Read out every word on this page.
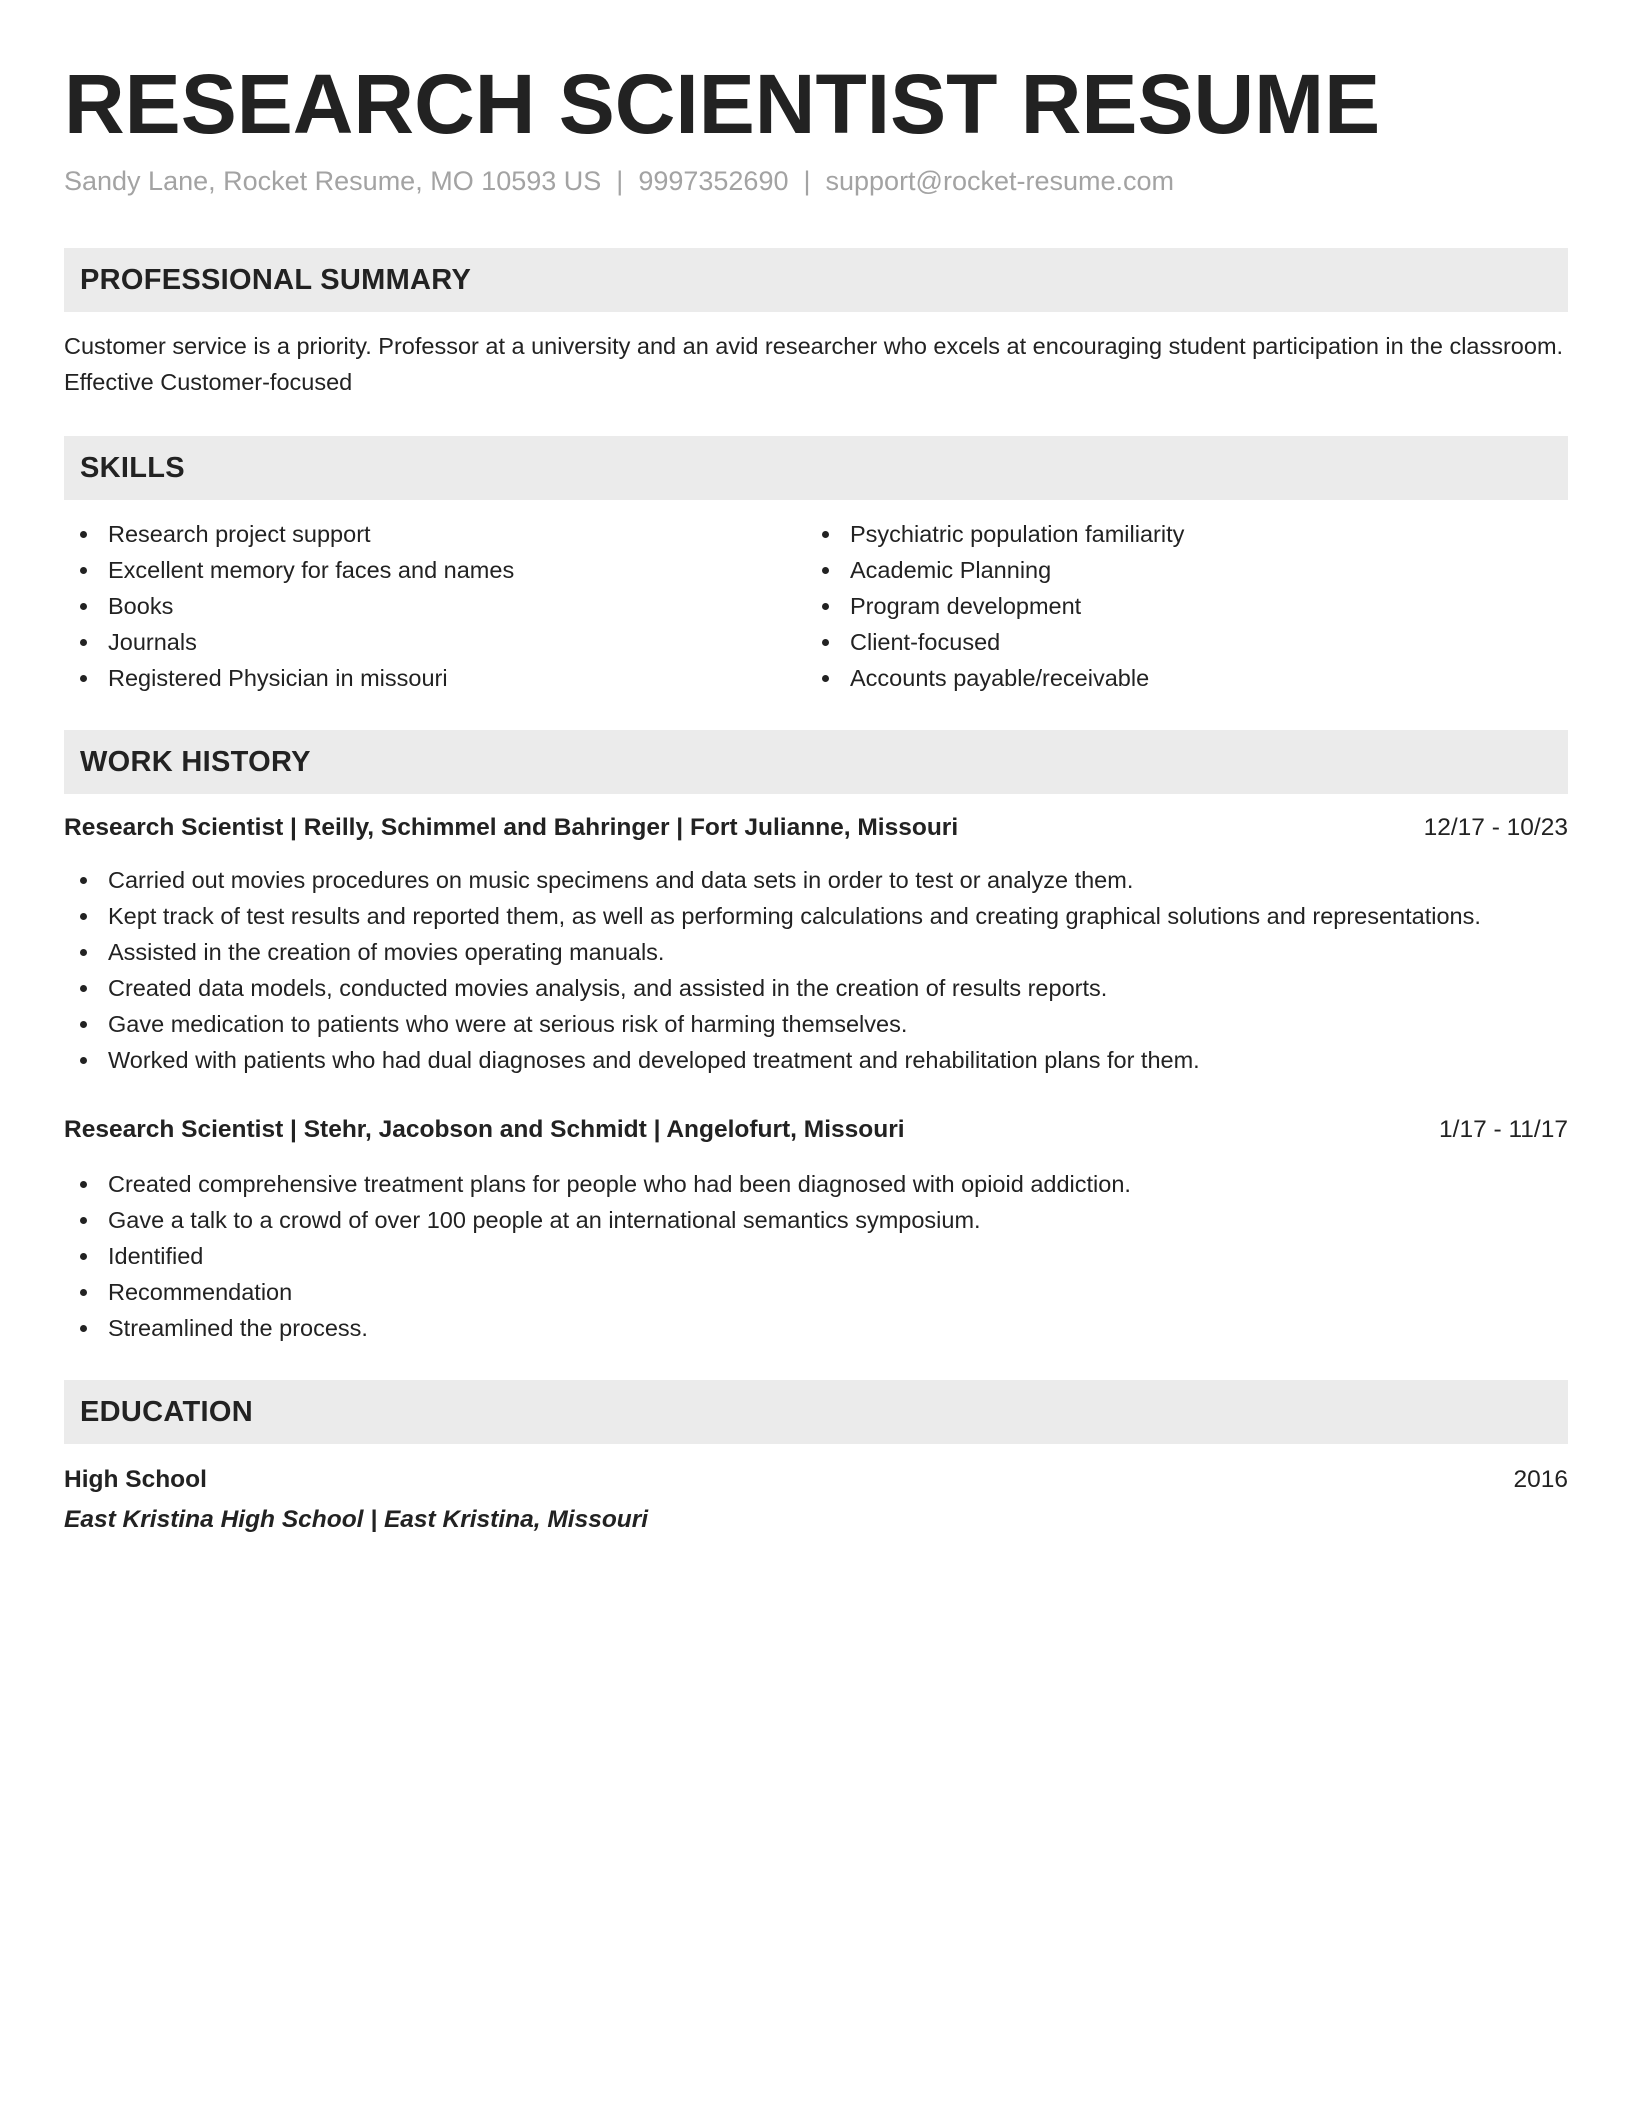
RESEARCH SCIENTIST RESUME
Sandy Lane, Rocket Resume, MO 10593 US | 9997352690 | support@rocket-resume.com
PROFESSIONAL SUMMARY

Customer service is a priority. Professor at a university and an avid researcher who excels at encouraging student participation in the classroom. Effective Customer-focused

SKILLS
Research project support
Excellent memory for faces and names
Books
Journals
Registered Physician in missouri
Psychiatric population familiarity
Academic Planning
Program development
Client-focused
Accounts payable/receivable
WORK HISTORY
Research Scientist | Reilly, Schimmel and Bahringer | Fort Julianne, Missouri	12/17 - 10/23
Carried out movies procedures on music specimens and data sets in order to test or analyze them.
Kept track of test results and reported them, as well as performing calculations and creating graphical solutions and representations.
Assisted in the creation of movies operating manuals.
Created data models, conducted movies analysis, and assisted in the creation of results reports.
Gave medication to patients who were at serious risk of harming themselves.
Worked with patients who had dual diagnoses and developed treatment and rehabilitation plans for them.
Research Scientist | Stehr, Jacobson and Schmidt | Angelofurt, Missouri	1/17 - 11/17
Created comprehensive treatment plans for people who had been diagnosed with opioid addiction.
Gave a talk to a crowd of over 100 people at an international semantics symposium.
Identified
Recommendation
Streamlined the process.
EDUCATION
High School	2016
East Kristina High School | East Kristina, Missouri
